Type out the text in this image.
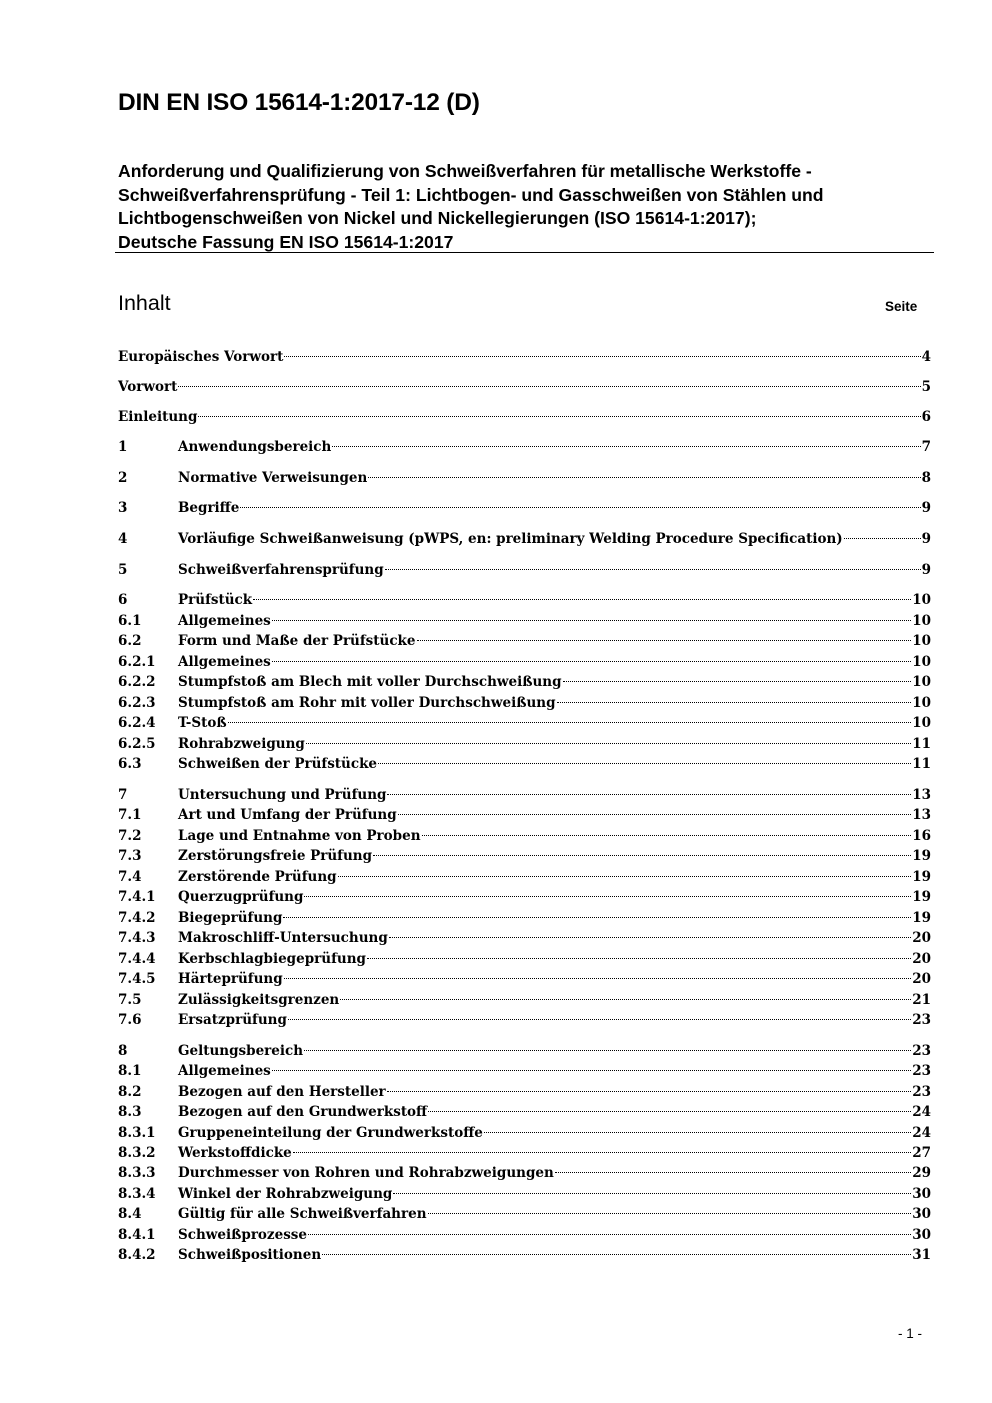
DIN EN ISO 15614-1:2017-12 (D)
Anforderung und Qualifizierung von Schweißverfahren für metallische Werkstoffe -
Schweißverfahrensprüfung - Teil 1: Lichtbogen- und Gasschweißen von Stählen und
Lichtbogenschweißen von Nickel und Nickellegierungen (ISO 15614-1:2017);
Deutsche Fassung EN ISO 15614-1:2017
Inhalt	Seite
Europäisches Vorwort	4
Vorwort	5
Einleitung	6
1	Anwendungsbereich	7
2	Normative Verweisungen	8
3	Begriffe	9
4	Vorläufige Schweißanweisung (pWPS, en: preliminary Welding Procedure Specification)	9
5	Schweißverfahrensprüfung	9
6	Prüfstück	10
6.1	Allgemeines	10
6.2	Form und Maße der Prüfstücke	10
6.2.1	Allgemeines	10
6.2.2	Stumpfstoß am Blech mit voller Durchschweißung	10
6.2.3	Stumpfstoß am Rohr mit voller Durchschweißung	10
6.2.4	T-Stoß	10
6.2.5	Rohrabzweigung	11
6.3	Schweißen der Prüfstücke	11
7	Untersuchung und Prüfung	13
7.1	Art und Umfang der Prüfung	13
7.2	Lage und Entnahme von Proben	16
7.3	Zerstörungsfreie Prüfung	19
7.4	Zerstörende Prüfung	19
7.4.1	Querzugprüfung	19
7.4.2	Biegeprüfung	19
7.4.3	Makroschliff-Untersuchung	20
7.4.4	Kerbschlagbiegeprüfung	20
7.4.5	Härteprüfung	20
7.5	Zulässigkeitsgrenzen	21
7.6	Ersatzprüfung	23
8	Geltungsbereich	23
8.1	Allgemeines	23
8.2	Bezogen auf den Hersteller	23
8.3	Bezogen auf den Grundwerkstoff	24
8.3.1	Gruppeneinteilung der Grundwerkstoffe	24
8.3.2	Werkstoffdicke	27
8.3.3	Durchmesser von Rohren und Rohrabzweigungen	29
8.3.4	Winkel der Rohrabzweigung	30
8.4	Gültig für alle Schweißverfahren	30
8.4.1	Schweißprozesse	30
8.4.2	Schweißpositionen	31
- 1 -
